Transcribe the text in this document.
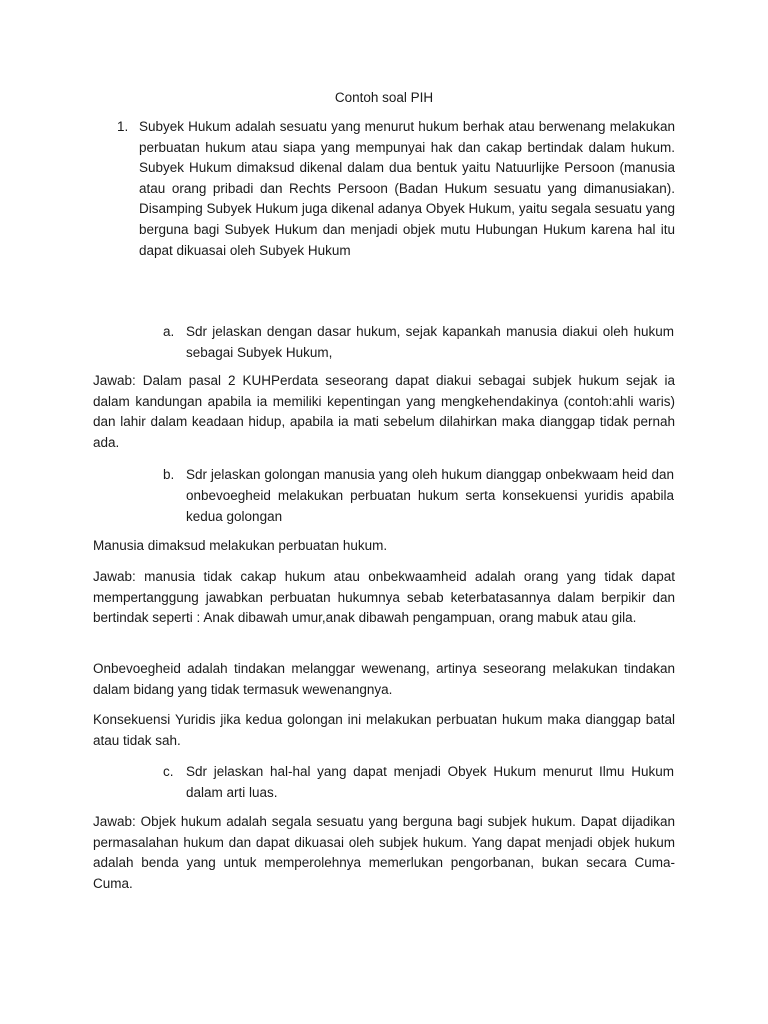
Contoh soal PIH
1. Subyek Hukum adalah sesuatu yang menurut hukum berhak atau berwenang melakukan perbuatan hukum atau siapa yang mempunyai hak dan cakap bertindak dalam hukum. Subyek Hukum dimaksud dikenal dalam dua bentuk yaitu Natuurlijke Persoon (manusia atau orang pribadi dan Rechts Persoon (Badan Hukum sesuatu yang dimanusiakan). Disamping Subyek Hukum juga dikenal adanya Obyek Hukum, yaitu segala sesuatu yang berguna bagi Subyek Hukum dan menjadi objek mutu Hubungan Hukum karena hal itu dapat dikuasai oleh Subyek Hukum
a. Sdr jelaskan dengan dasar hukum, sejak kapankah manusia diakui oleh hukum sebagai Subyek Hukum,

Jawab: Dalam pasal 2 KUHPerdata seseorang dapat diakui sebagai subjek hukum sejak ia dalam kandungan apabila ia memiliki kepentingan yang mengkehendakinya (contoh:ahli waris) dan lahir dalam keadaan hidup, apabila ia mati sebelum dilahirkan maka dianggap tidak pernah ada.

b. Sdr jelaskan golongan manusia yang oleh hukum dianggap onbekwaam heid dan onbevoegheid melakukan perbuatan hukum serta konsekuensi yuridis apabila kedua golongan

Manusia dimaksud melakukan perbuatan hukum.

Jawab: manusia tidak cakap hukum atau onbekwaamheid adalah orang yang tidak dapat mempertanggung jawabkan perbuatan hukumnya sebab keterbatasannya dalam berpikir dan bertindak seperti : Anak dibawah umur,anak dibawah pengampuan, orang mabuk atau gila.

Onbevoegheid adalah tindakan melanggar wewenang, artinya seseorang melakukan tindakan dalam bidang yang tidak termasuk wewenangnya.

Konsekuensi Yuridis jika kedua golongan ini melakukan perbuatan hukum maka dianggap batal atau tidak sah.

c. Sdr jelaskan hal-hal yang dapat menjadi Obyek Hukum menurut Ilmu Hukum dalam arti luas.

Jawab: Objek hukum adalah segala sesuatu yang berguna bagi subjek hukum. Dapat dijadikan permasalahan hukum dan dapat dikuasai oleh subjek hukum. Yang dapat menjadi objek hukum adalah benda yang untuk memperolehnya memerlukan pengorbanan, bukan secara Cuma-Cuma.
